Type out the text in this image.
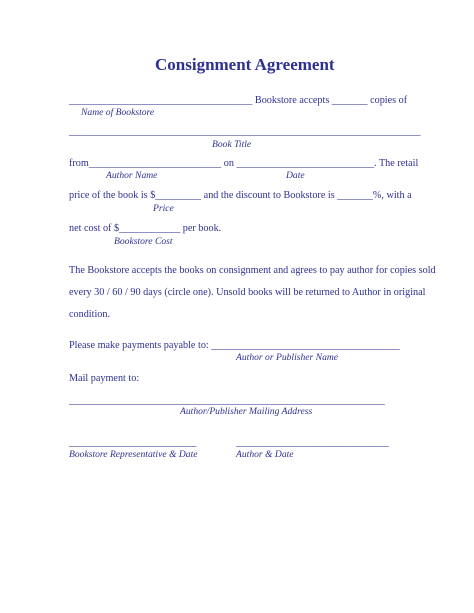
Consignment Agreement
____________________________________ Bookstore accepts _______ copies of
Name of Bookstore
_____________________________________________________________________
Book Title
from__________________________ on ___________________________. The retail
Author Name	Date
price of the book is $_________ and the discount to Bookstore is _______%, with a
Price
net cost of $____________ per book.
Bookstore Cost
The Bookstore accepts the books on consignment and agrees to pay author for copies sold
every 30 / 60 / 90 days (circle one). Unsold books will be returned to Author in original
condition.
Please make payments payable to: _____________________________________
Author or Publisher Name
Mail payment to:
______________________________________________________________
Author/Publisher Mailing Address
_________________________	______________________________
Bookstore Representative & Date	Author & Date
